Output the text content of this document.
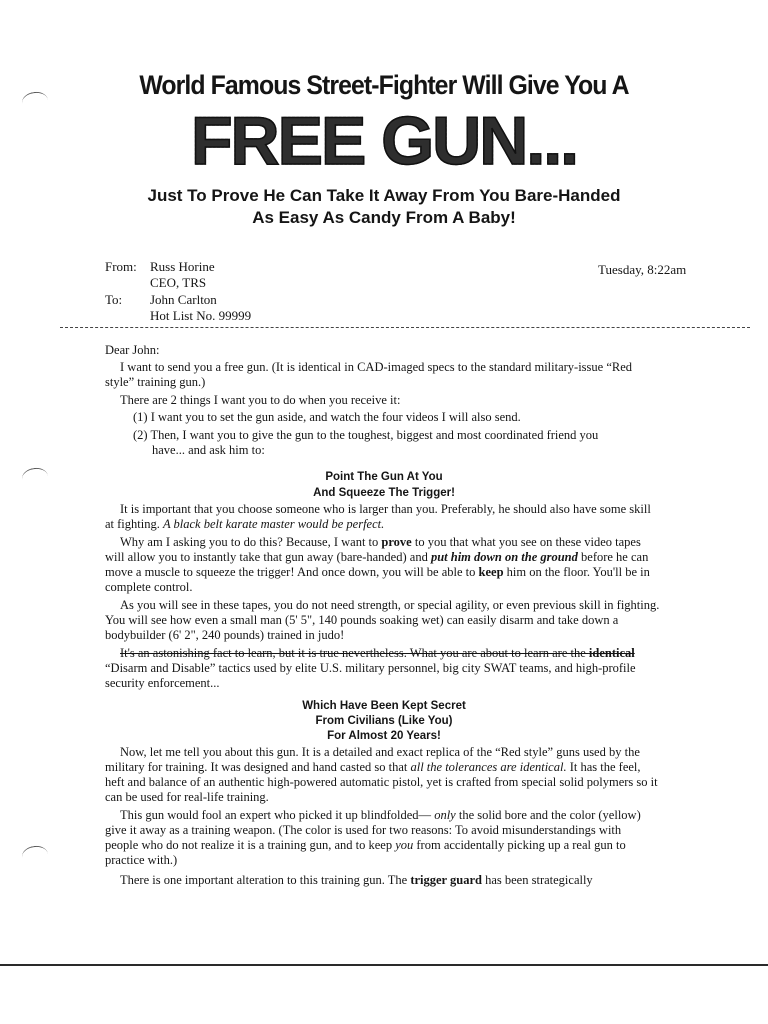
World Famous Street-Fighter Will Give You A
FREE GUN...
Just To Prove He Can Take It Away From You Bare-Handed
As Easy As Candy From A Baby!
From: Russ Horine
CEO, TRS
To: John Carlton
Hot List No. 99999
Tuesday, 8:22am
Dear John:
I want to send you a free gun. (It is identical in CAD-imaged specs to the standard military-issue “Red
style” training gun.)
There are 2 things I want you to do when you receive it:
(1) I want you to set the gun aside, and watch the four videos I will also send.
(2) Then, I want you to give the gun to the toughest, biggest and most coordinated friend you
have... and ask him to:
Point The Gun At You
And Squeeze The Trigger!
It is important that you choose someone who is larger than you. Preferably, he should also have some skill
at fighting. A black belt karate master would be perfect.
Why am I asking you to do this? Because, I want to prove to you that what you see on these video tapes
will allow you to instantly take that gun away (bare-handed) and put him down on the ground before he can
move a muscle to squeeze the trigger! And once down, you will be able to keep him on the floor. You'll be in
complete control.
As you will see in these tapes, you do not need strength, or special agility, or even previous skill in fighting.
You will see how even a small man (5' 5", 140 pounds soaking wet) can easily disarm and take down a
bodybuilder (6' 2", 240 pounds) trained in judo!
It's an astonishing fact to learn, but it is true nevertheless. What you are about to learn are the identical
“Disarm and Disable” tactics used by elite U.S. military personnel, big city SWAT teams, and high-profile
security enforcement...
Which Have Been Kept Secret
From Civilians (Like You)
For Almost 20 Years!
Now, let me tell you about this gun. It is a detailed and exact replica of the “Red style” guns used by the
military for training. It was designed and hand casted so that all the tolerances are identical. It has the feel,
heft and balance of an authentic high-powered automatic pistol, yet is crafted from special solid polymers so it
can be used for real-life training.
This gun would fool an expert who picked it up blindfolded— only the solid bore and the color (yellow)
give it away as a training weapon. (The color is used for two reasons: To avoid misunderstandings with
people who do not realize it is a training gun, and to keep you from accidentally picking up a real gun to
practice with.)
There is one important alteration to this training gun. The trigger guard has been strategically
